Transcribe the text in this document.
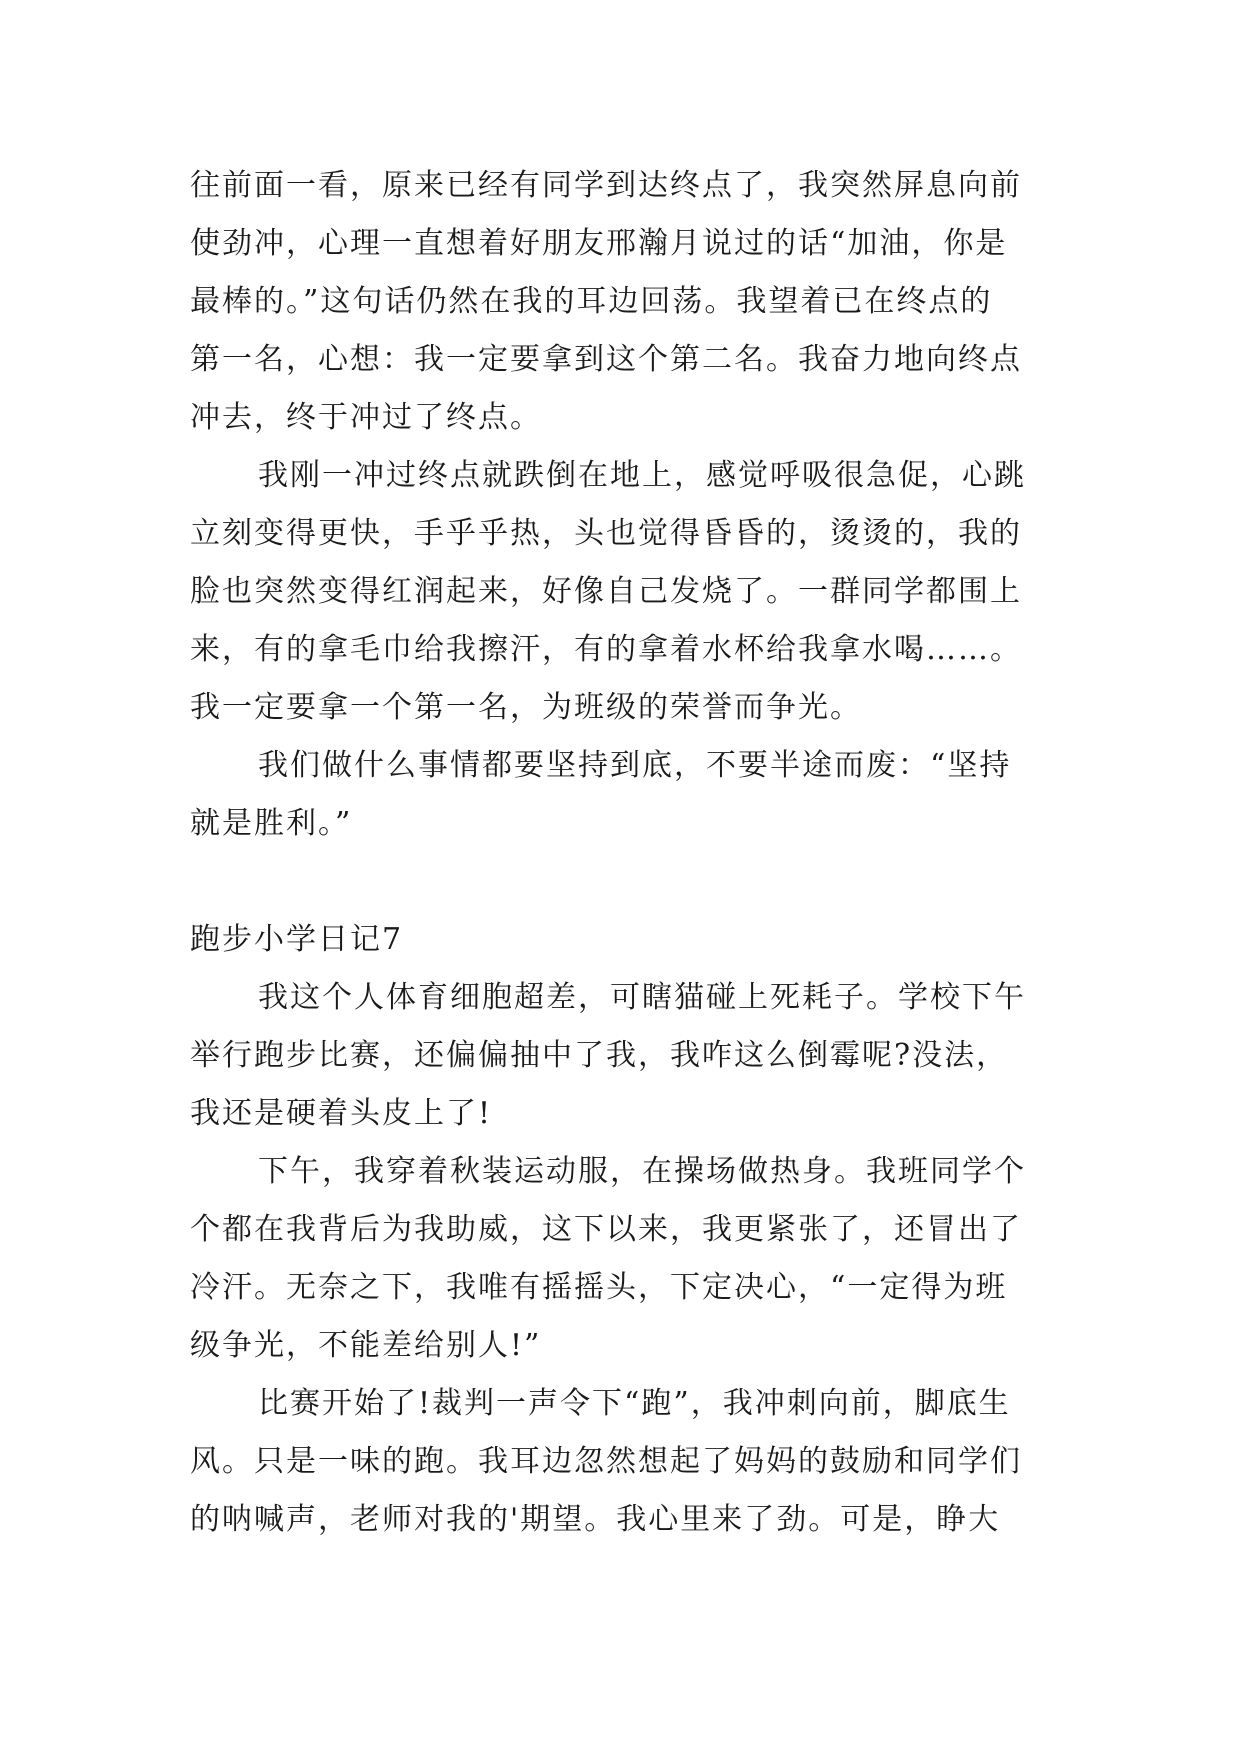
往前面一看，原来已经有同学到达终点了，我突然屏息向前
使劲冲，心理一直想着好朋友邢瀚月说过的话“加油，你是
最棒的。”这句话仍然在我的耳边回荡。我望着已在终点的
第一名，心想：我一定要拿到这个第二名。我奋力地向终点
冲去，终于冲过了终点。
我刚一冲过终点就跌倒在地上，感觉呼吸很急促，心跳
立刻变得更快，手乎乎热，头也觉得昏昏的，烫烫的，我的
脸也突然变得红润起来，好像自己发烧了。一群同学都围上
来，有的拿毛巾给我擦汗，有的拿着水杯给我拿水喝……。
我一定要拿一个第一名，为班级的荣誉而争光。
我们做什么事情都要坚持到底，不要半途而废：“坚持
就是胜利。”
跑步小学日记7
我这个人体育细胞超差，可瞎猫碰上死耗子。学校下午
举行跑步比赛，还偏偏抽中了我，我咋这么倒霉呢?没法，
我还是硬着头皮上了!
下午，我穿着秋装运动服，在操场做热身。我班同学个
个都在我背后为我助威，这下以来，我更紧张了，还冒出了
冷汗。无奈之下，我唯有摇摇头，下定决心，“一定得为班
级争光，不能差给别人!”
比赛开始了!裁判一声令下“跑”，我冲刺向前，脚底生
风。只是一味的跑。我耳边忽然想起了妈妈的鼓励和同学们
的呐喊声，老师对我的'期望。我心里来了劲。可是，睁大
